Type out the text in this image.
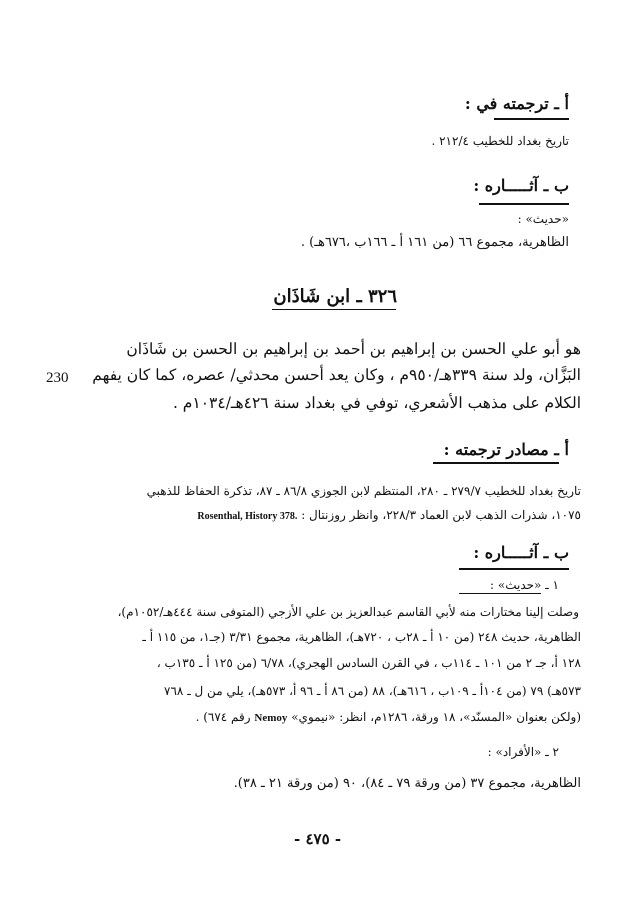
أ ـ ترجمته في :
تاريخ بغداد للخطيب ٢١٢/٤ .
ب ـ آثـــــاره :
«حديث» :
الظاهرية، مجموع ٦٦ (من ١٦١ أ ـ ١٦٦ب ،٦٧٦هـ) .
٣٢٦ ـ ابن شَاذَان
هو أبو علي الحسن بن إبراهيم بن أحمد بن إبراهيم بن الحسن بن شَاذَان
البَزَّان، ولد سنة ٣٣٩هـ/٩٥٠م ، وكان يعد أحسن محدثي/ عصره، كما كان يفهم
الكلام على مذهب الأشعري، توفي في بغداد سنة ٤٢٦هـ/١٠٣٤م .
230
أ ـ مصادر ترجمته :
تاريخ بغداد للخطيب ٢٧٩/٧ ـ ٢٨٠، المنتظم لابن الجوزي ٨٦/٨ ـ ٨٧، تذكرة الحفاظ للذهبي
١٠٧٥، شذرات الذهب لابن العماد ٢٢٨/٣، وانظر روزنتال : Rosenthal, History 378.
ب ـ آثـــــاره :
١ ـ «حديث» :
وصلت إلينا مختارات منه لأبي القاسم عبدالعزيز بن علي الأزجي (المتوفى سنة ٤٤٤هـ/١٠٥٢م)،
الظاهرية، حديث ٢٤٨ (من ١٠ أ ـ ٢٨ب ، ٧٢٠هـ)، الظاهرية، مجموع ٣/٣١ (جـ١، من ١١٥ أ ـ
١٢٨ أ، جـ ٢ من ١٠١ ـ ١١٤ب ، في القرن السادس الهجري)، ٦/٧٨ (من ١٢٥ أ ـ ١٣٥ب ،
٥٧٣هـ) ٧٩ (من ١٠٤أ ـ ١٠٩ب ، ٦١٦هـ)، ٨٨ (من ٨٦ أ ـ ٩٦ أ، ٥٧٣هـ)، يلي من ل ـ ٧٦٨
(ولكن بعنوان «المسنّد»، ١٨ ورقة، ١٢٨٦م، انظر: «نيموي» Nemoy رقم ٦٧٤) .
٢ ـ «الأفراد» :
الظاهرية، مجموع ٣٧ (من ورقة ٧٩ ـ ٨٤)، ٩٠ (من ورقة ٢١ ـ ٣٨).
- ٤٧٥ -
